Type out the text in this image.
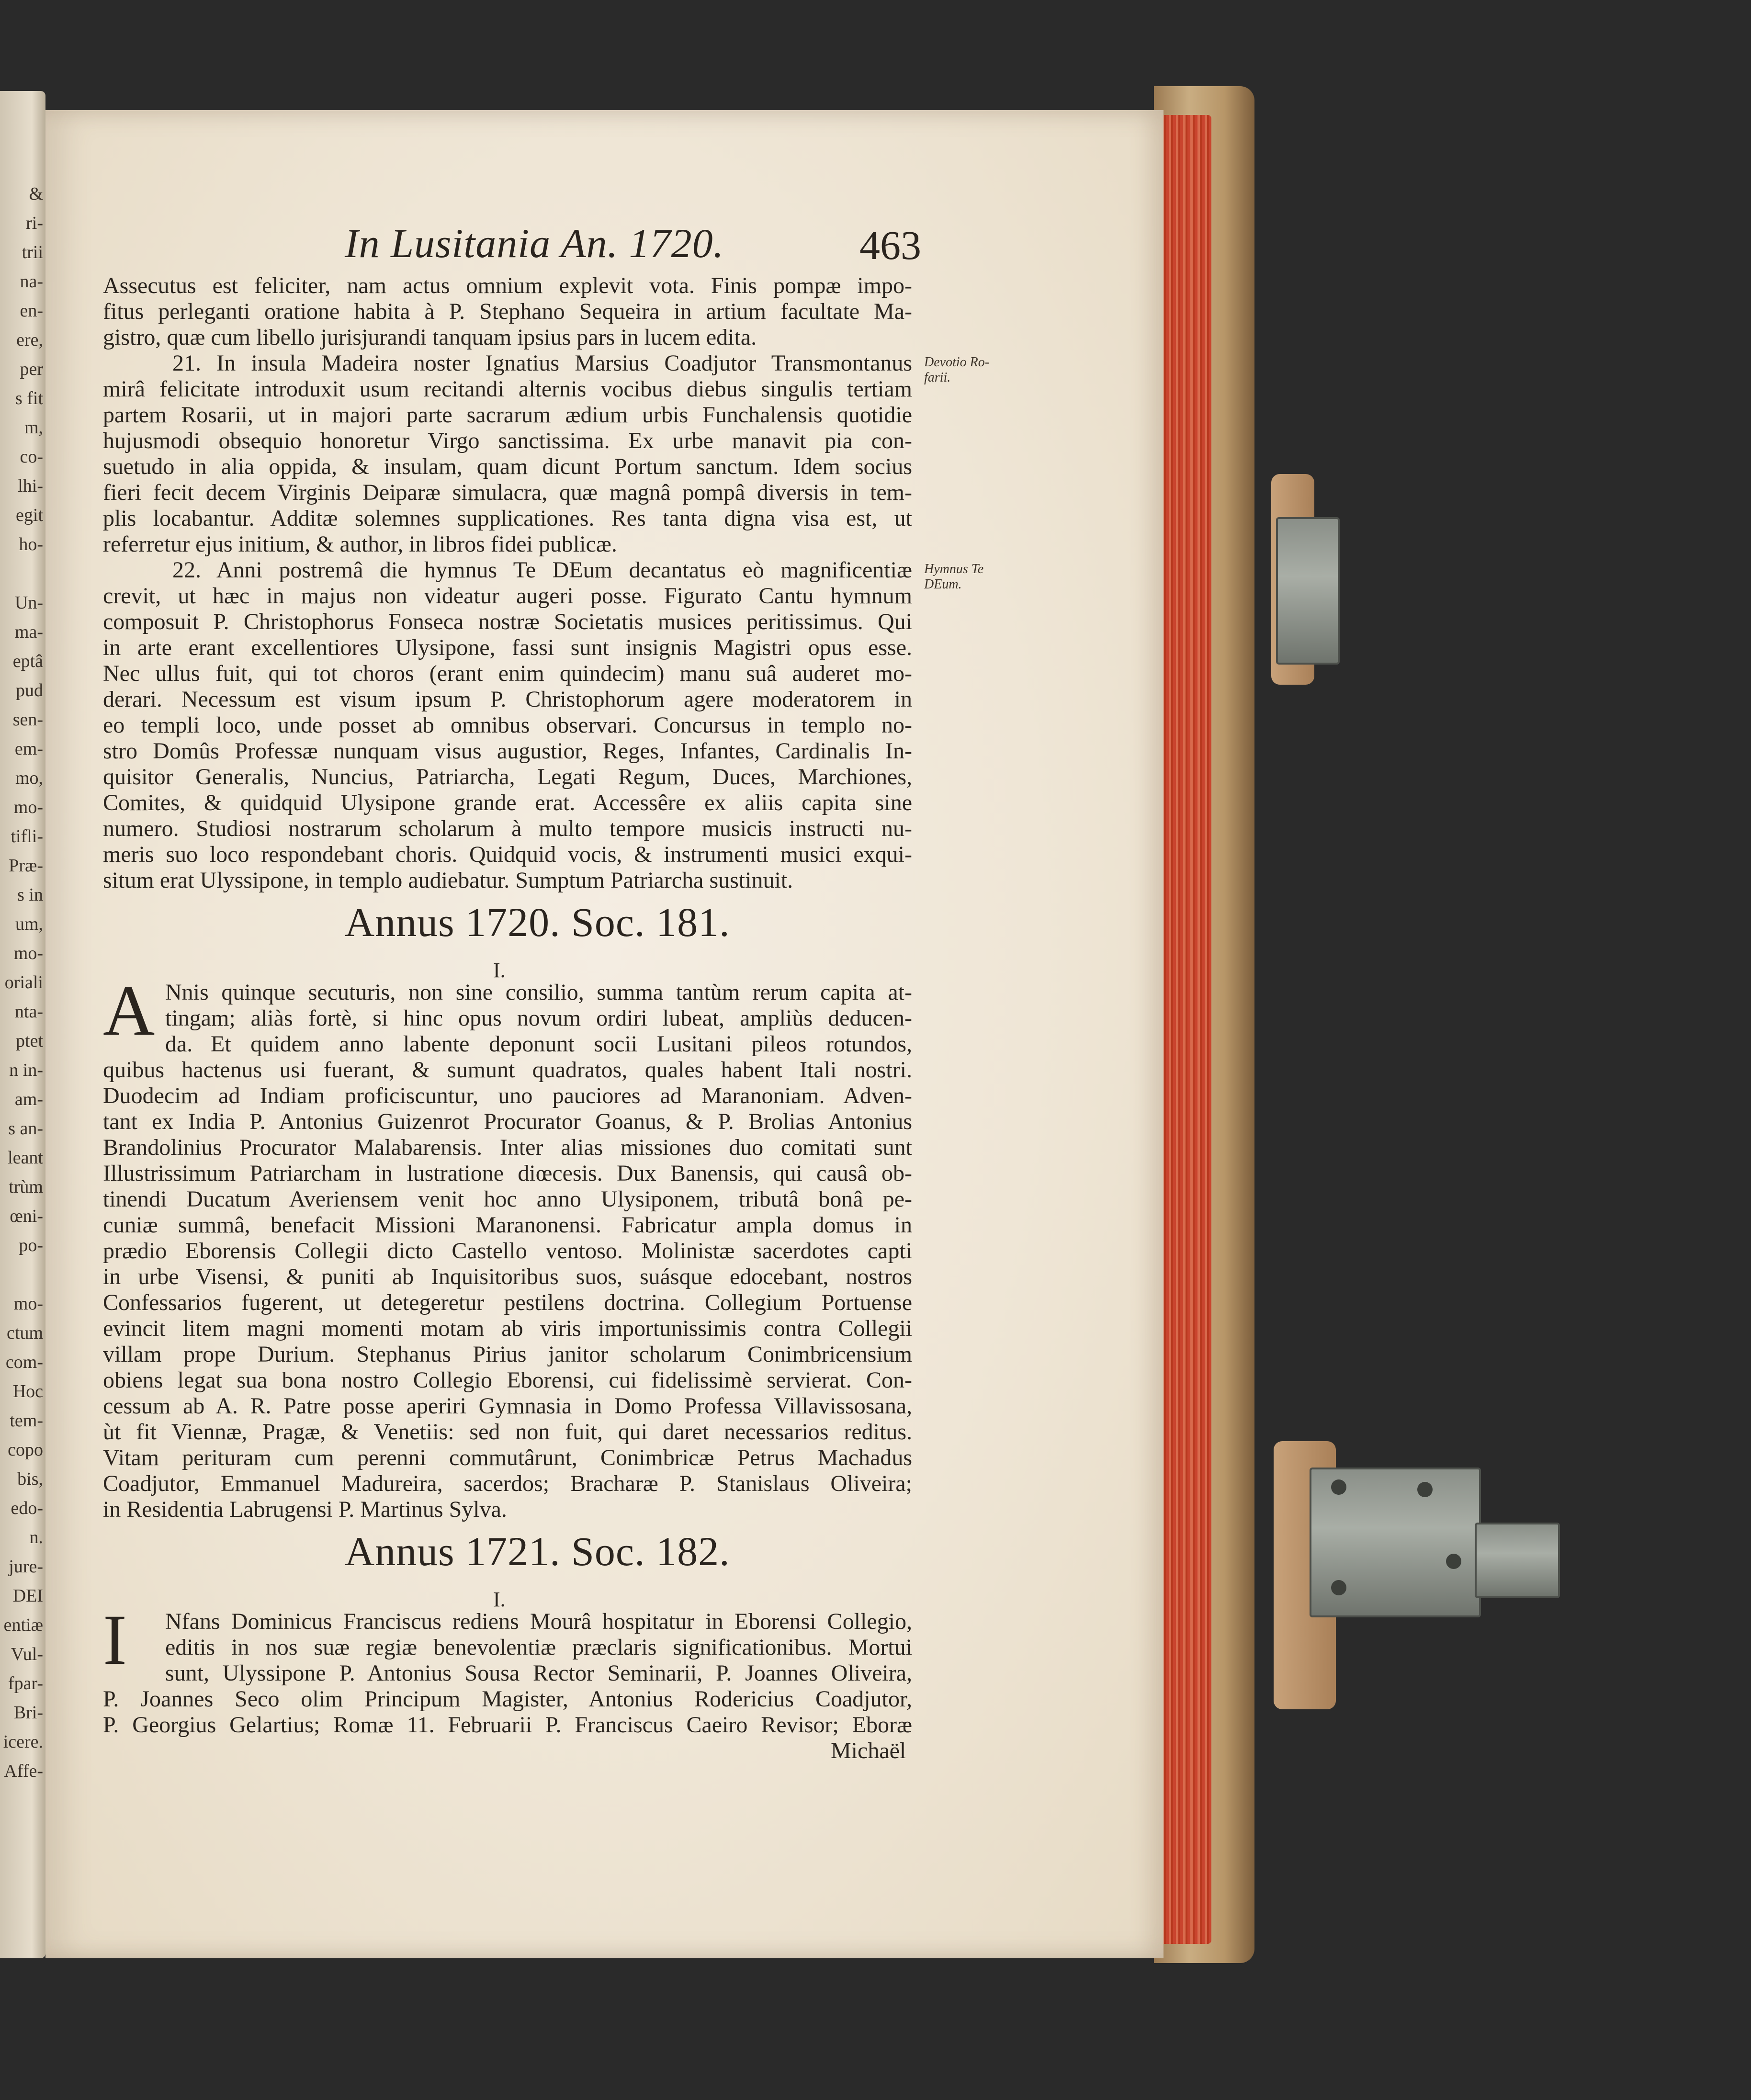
&
ri-
trii
na-
en-
ere,
per
s fit
m,
co-
lhi-
egit
ho-
Un-
ma-
eptâ
pud
sen-
em-
mo,
mo-
tifli-
Præ-
s in
um,
mo-
oriali
nta-
ptet
n in-
am-
s an-
leant
trùm
œni-
po-
mo-
ctum
com-
Hoc
tem-
copo
bis,
edo-
n.
jure-
DEI
entiæ
Vul-
fpar-
Bri-
icere.
Affe-
In Lusitania An. 1720.	463
Assecutus est feliciter, nam actus omnium explevit vota. Finis pompæ impo-
fitus perleganti oratione habita à P. Stephano Sequeira in artium facultate Ma-
gistro, quæ cum libello jurisjurandi tanquam ipsius pars in lucem edita.
21. In insula Madeira noster Ignatius Marsius Coadjutor Transmontanus
mirâ felicitate introduxit usum recitandi alternis vocibus diebus singulis tertiam
partem Rosarii, ut in majori parte sacrarum ædium urbis Funchalensis quotidie
hujusmodi obsequio honoretur Virgo sanctissima. Ex urbe manavit pia con-
suetudo in alia oppida, & insulam, quam dicunt Portum sanctum. Idem socius
fieri fecit decem Virginis Deiparæ simulacra, quæ magnâ pompâ diversis in tem-
plis locabantur. Additæ solemnes supplicationes. Res tanta digna visa est, ut
referretur ejus initium, & author, in libros fidei publicæ.
22. Anni postremâ die hymnus Te DEum decantatus eò magnificentiæ
crevit, ut hæc in majus non videatur augeri posse. Figurato Cantu hymnum
composuit P. Christophorus Fonseca nostræ Societatis musices peritissimus. Qui
in arte erant excellentiores Ulysipone, fassi sunt insignis Magistri opus esse.
Nec ullus fuit, qui tot choros (erant enim quindecim) manu suâ auderet mo-
derari. Necessum est visum ipsum P. Christophorum agere moderatorem in
eo templi loco, unde posset ab omnibus observari. Concursus in templo no-
stro Domûs Professæ nunquam visus augustior, Reges, Infantes, Cardinalis In-
quisitor Generalis, Nuncius, Patriarcha, Legati Regum, Duces, Marchiones,
Comites, & quidquid Ulysipone grande erat. Accessêre ex aliis capita sine
numero. Studiosi nostrarum scholarum à multo tempore musicis instructi nu-
meris suo loco respondebant choris. Quidquid vocis, & instrumenti musici exqui-
situm erat Ulyssipone, in templo audiebatur. Sumptum Patriarcha sustinuit.
Devotio Ro-
farii.
Hymnus Te
DEum.
Annus 1720. Soc. 181.
I.
A Nnis quinque secuturis, non sine consilio, summa tantùm rerum capita at-
tingam; aliàs fortè, si hinc opus novum ordiri lubeat, ampliùs deducen-
da. Et quidem anno labente deponunt socii Lusitani pileos rotundos,
quibus hactenus usi fuerant, & sumunt quadratos, quales habent Itali nostri.
Duodecim ad Indiam proficiscuntur, uno pauciores ad Maranoniam. Adven-
tant ex India P. Antonius Guizenrot Procurator Goanus, & P. Brolias Antonius
Brandolinius Procurator Malabarensis. Inter alias missiones duo comitati sunt
Illustrissimum Patriarcham in lustratione diœcesis. Dux Banensis, qui causâ ob-
tinendi Ducatum Averiensem venit hoc anno Ulysiponem, tributâ bonâ pe-
cuniæ summâ, benefacit Missioni Maranonensi. Fabricatur ampla domus in
prædio Eborensis Collegii dicto Castello ventoso. Molinistæ sacerdotes capti
in urbe Visensi, & puniti ab Inquisitoribus suos, suásque edocebant, nostros
Confessarios fugerent, ut detegeretur pestilens doctrina. Collegium Portuense
evincit litem magni momenti motam ab viris importunissimis contra Collegii
villam prope Durium. Stephanus Pirius janitor scholarum Conimbricensium
obiens legat sua bona nostro Collegio Eborensi, cui fidelissimè servierat. Con-
cessum ab A. R. Patre posse aperiri Gymnasia in Domo Professa Villavissosana,
ùt fit Viennæ, Pragæ, & Venetiis: sed non fuit, qui daret necessarios reditus.
Vitam perituram cum perenni commutârunt, Conimbricæ Petrus Machadus
Coadjutor, Emmanuel Madureira, sacerdos; Bracharæ P. Stanislaus Oliveira;
in Residentia Labrugensi P. Martinus Sylva.
Annus 1721. Soc. 182.
I.
I Nfans Dominicus Franciscus rediens Mourâ hospitatur in Eborensi Collegio,
editis in nos suæ regiæ benevolentiæ præclaris significationibus. Mortui
sunt, Ulyssipone P. Antonius Sousa Rector Seminarii, P. Joannes Oliveira,
P. Joannes Seco olim Principum Magister, Antonius Rodericius Coadjutor,
P. Georgius Gelartius; Romæ 11. Februarii P. Franciscus Caeiro Revisor; Eboræ
Michaël
